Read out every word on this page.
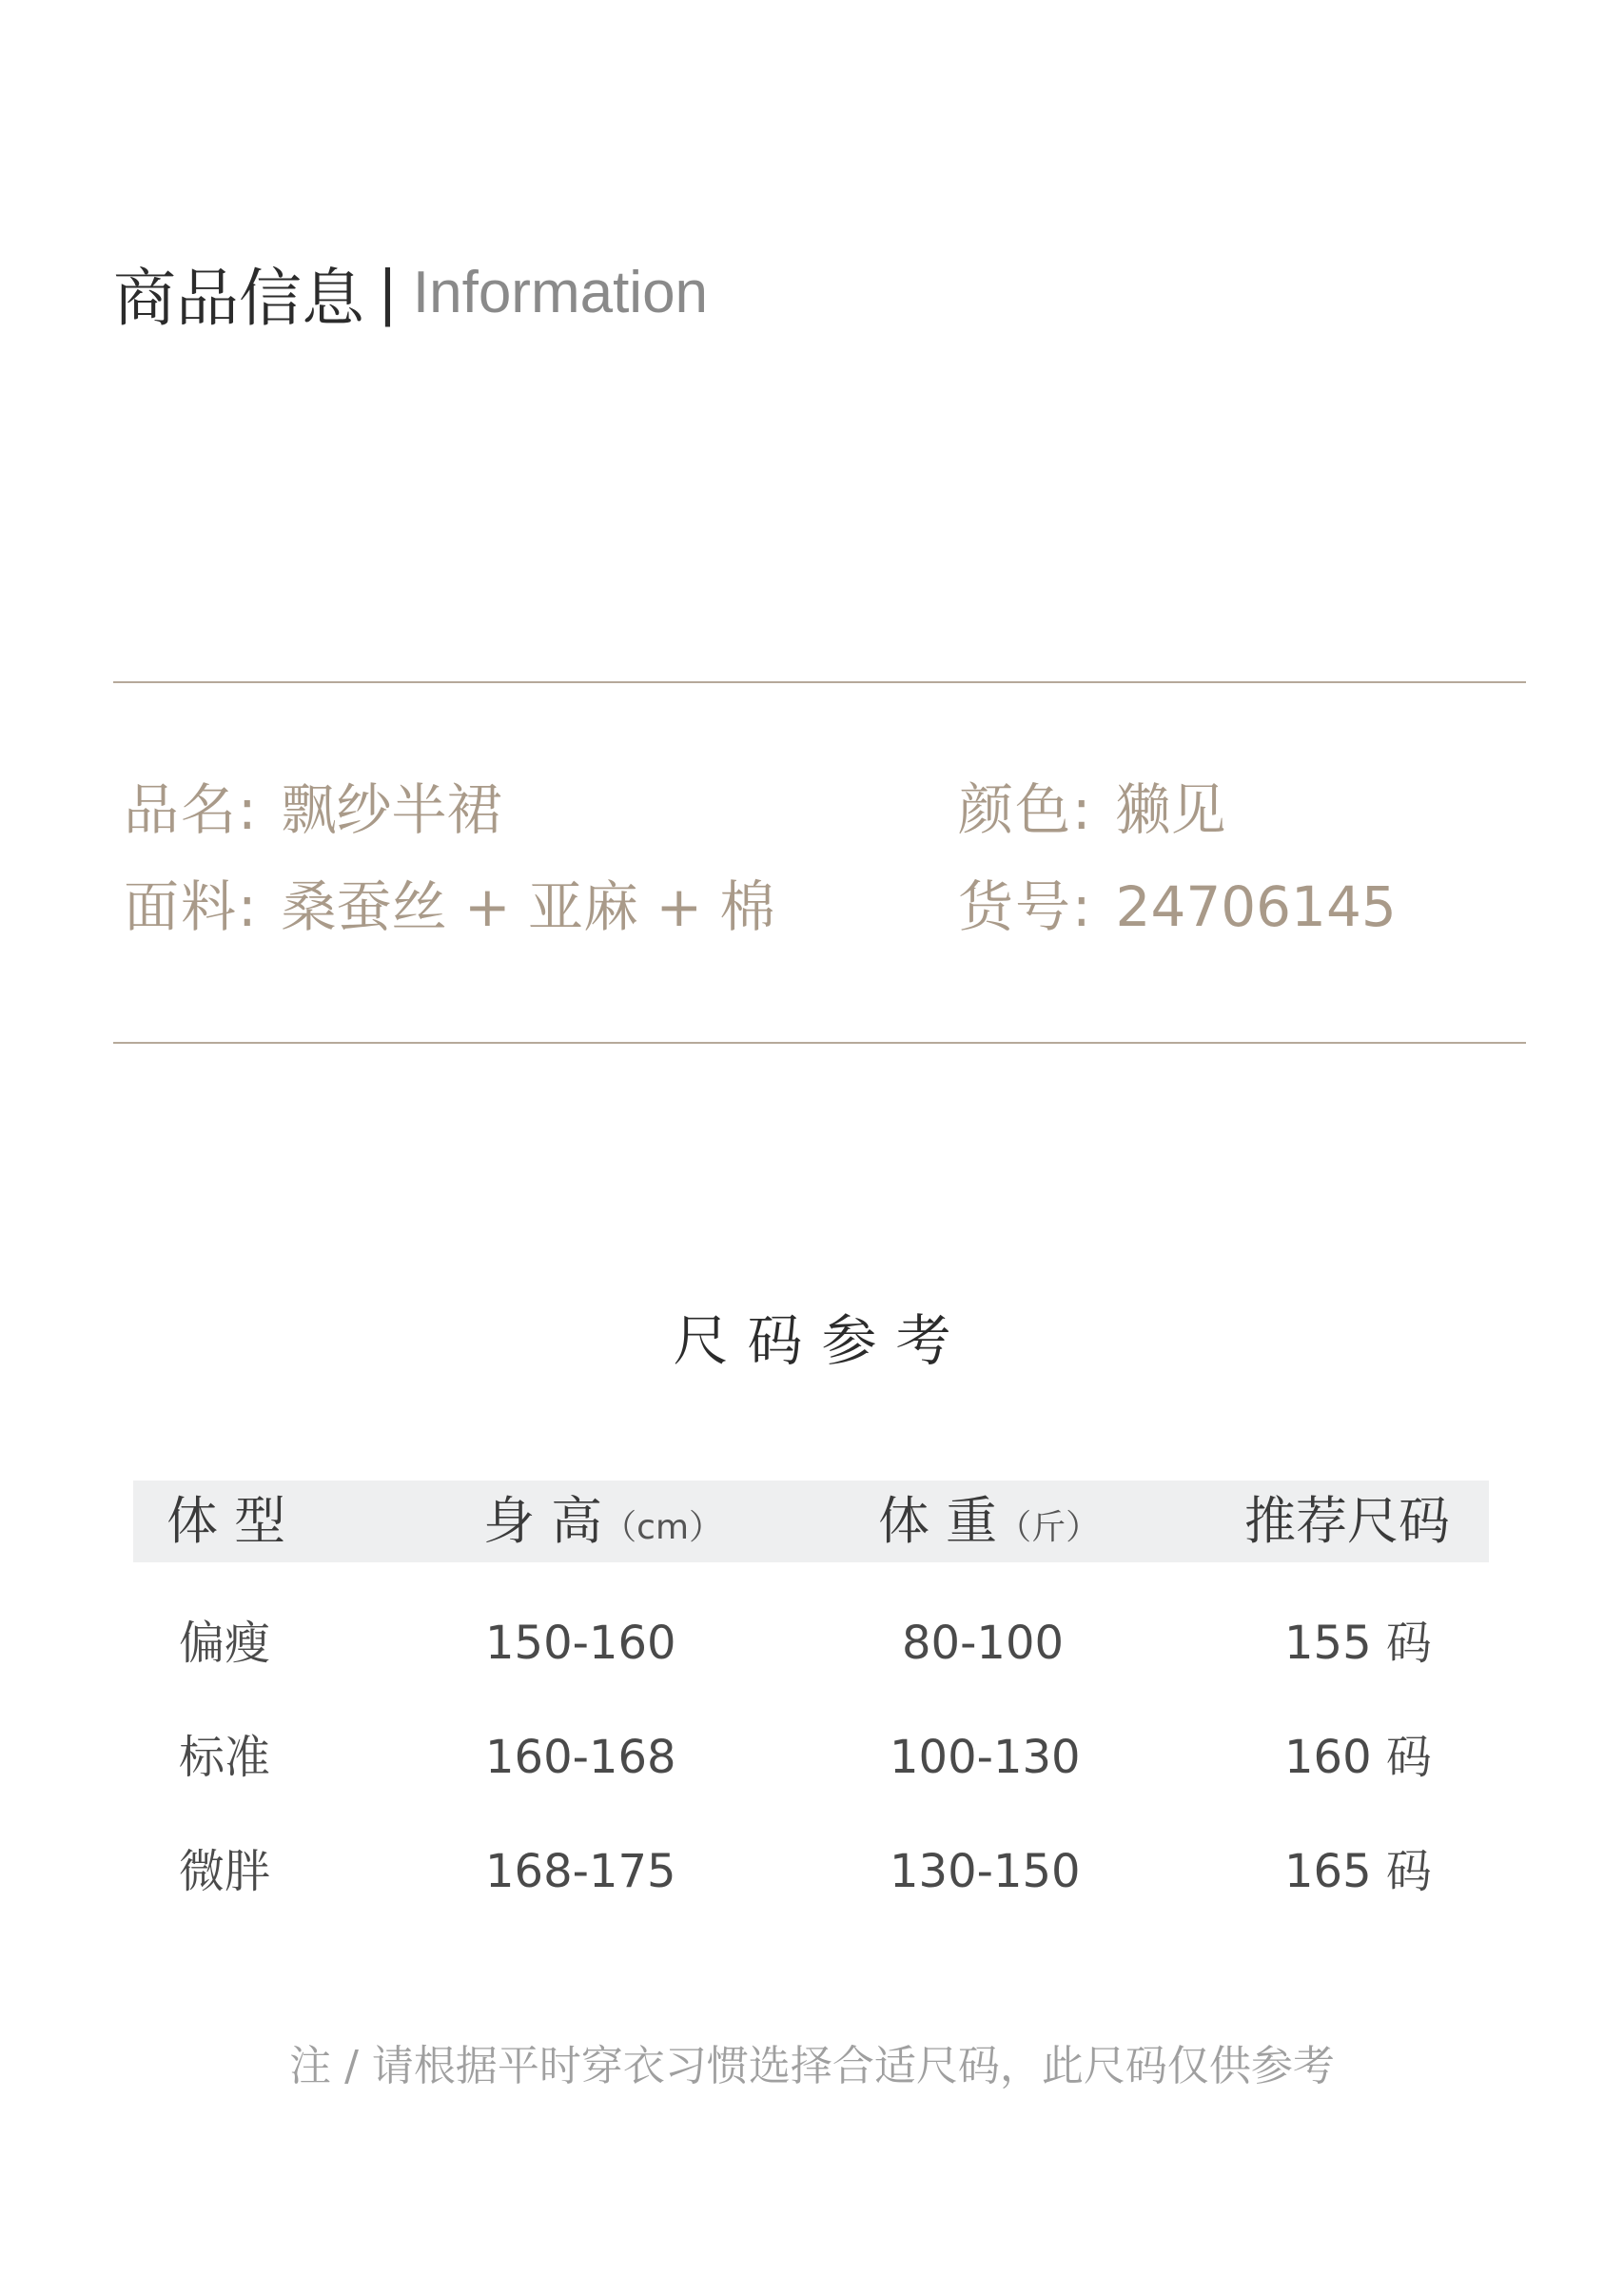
商品信息 | Information
品名: 飘纱半裙	颜色: 獭见
面料: 桑蚕丝 + 亚麻 + 棉	货号: 24706145
尺码参考
体 型	身 高（cm）	体 重（斤）	推荐尺码
偏瘦	150-160	80-100	155 码
标准	160-168	100-130	160 码
微胖	168-175	130-150	165 码
注 / 请根据平时穿衣习惯选择合适尺码，此尺码仅供参考
